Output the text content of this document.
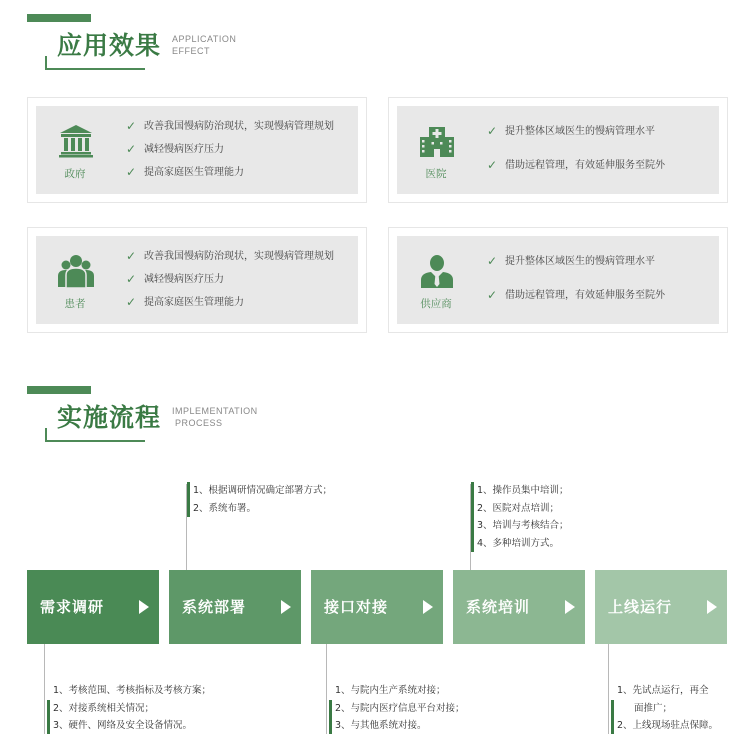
应用效果 APPLICATION
EFFECT
政府
✓ 改善我国慢病防治现状，实现慢病管理规划
✓ 减轻慢病医疗压力
✓ 提高家庭医生管理能力	医院
✓ 提升整体区域医生的慢病管理水平
✓ 借助远程管理，有效延伸服务至院外
患者
✓ 改善我国慢病防治现状，实现慢病管理规划
✓ 减轻慢病医疗压力
✓ 提高家庭医生管理能力	供应商
✓ 提升整体区域医生的慢病管理水平
✓ 借助远程管理，有效延伸服务至院外
实施流程 IMPLEMENTATION
PROCESS
1、根据调研情况确定部署方式；
2、系统布署。
1、操作员集中培训；
2、医院对点培训；
3、培训与考核结合；
4、多种培训方式。
需求调研	系统部署	接口对接	系统培训	上线运行
1、考核范围、考核指标及考核方案；
2、对接系统相关情况；
3、硬件、网络及安全设备情况。
1、与院内生产系统对接；
2、与院内医疗信息平台对接；
3、与其他系统对接。
1、先试点运行，再全
面推广；
2、上线现场驻点保障。
